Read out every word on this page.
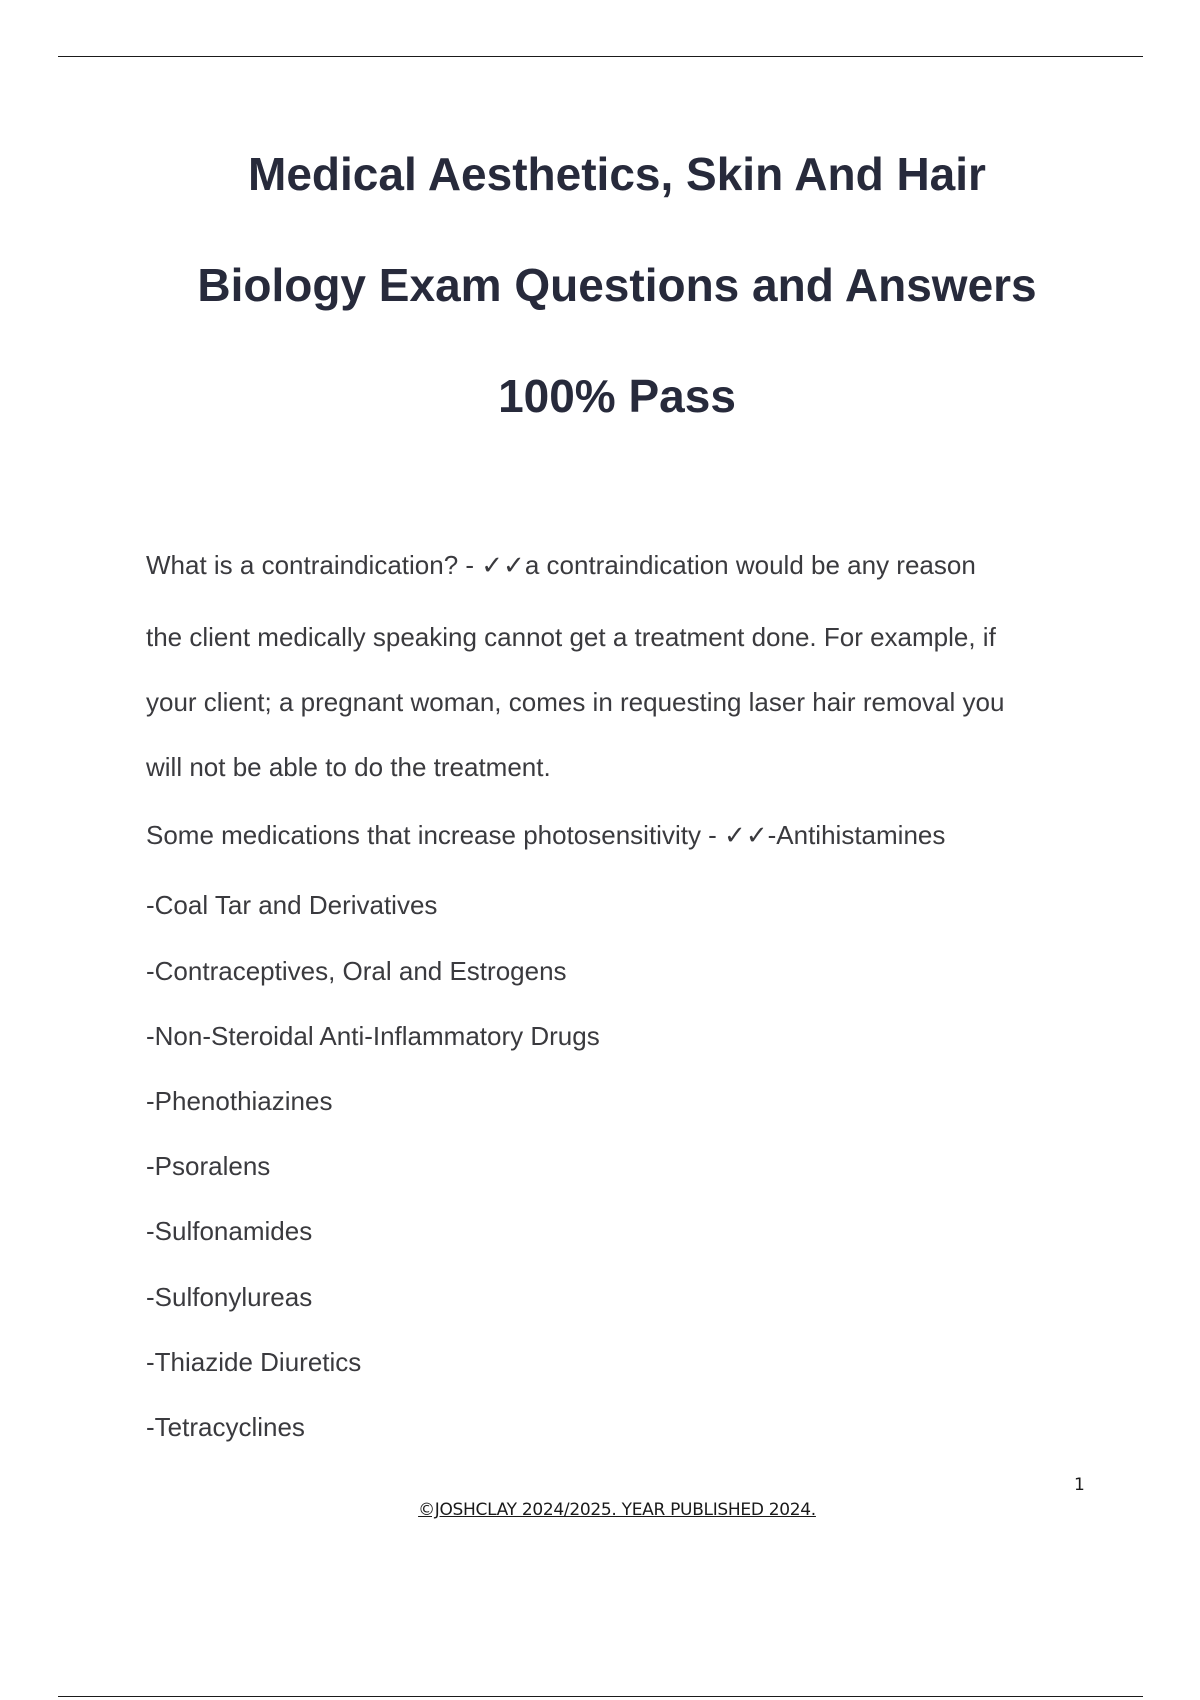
Medical Aesthetics, Skin And Hair
Biology Exam Questions and Answers
100% Pass
What is a contraindication? - ✓✓a contraindication would be any reason
the client medically speaking cannot get a treatment done. For example, if
your client; a pregnant woman, comes in requesting laser hair removal you
will not be able to do the treatment.
Some medications that increase photosensitivity - ✓✓-Antihistamines
-Coal Tar and Derivatives
-Contraceptives, Oral and Estrogens
-Non-Steroidal Anti-Inflammatory Drugs
-Phenothiazines
-Psoralens
-Sulfonamides
-Sulfonylureas
-Thiazide Diuretics
-Tetracyclines
1
©JOSHCLAY 2024/2025. YEAR PUBLISHED 2024.
